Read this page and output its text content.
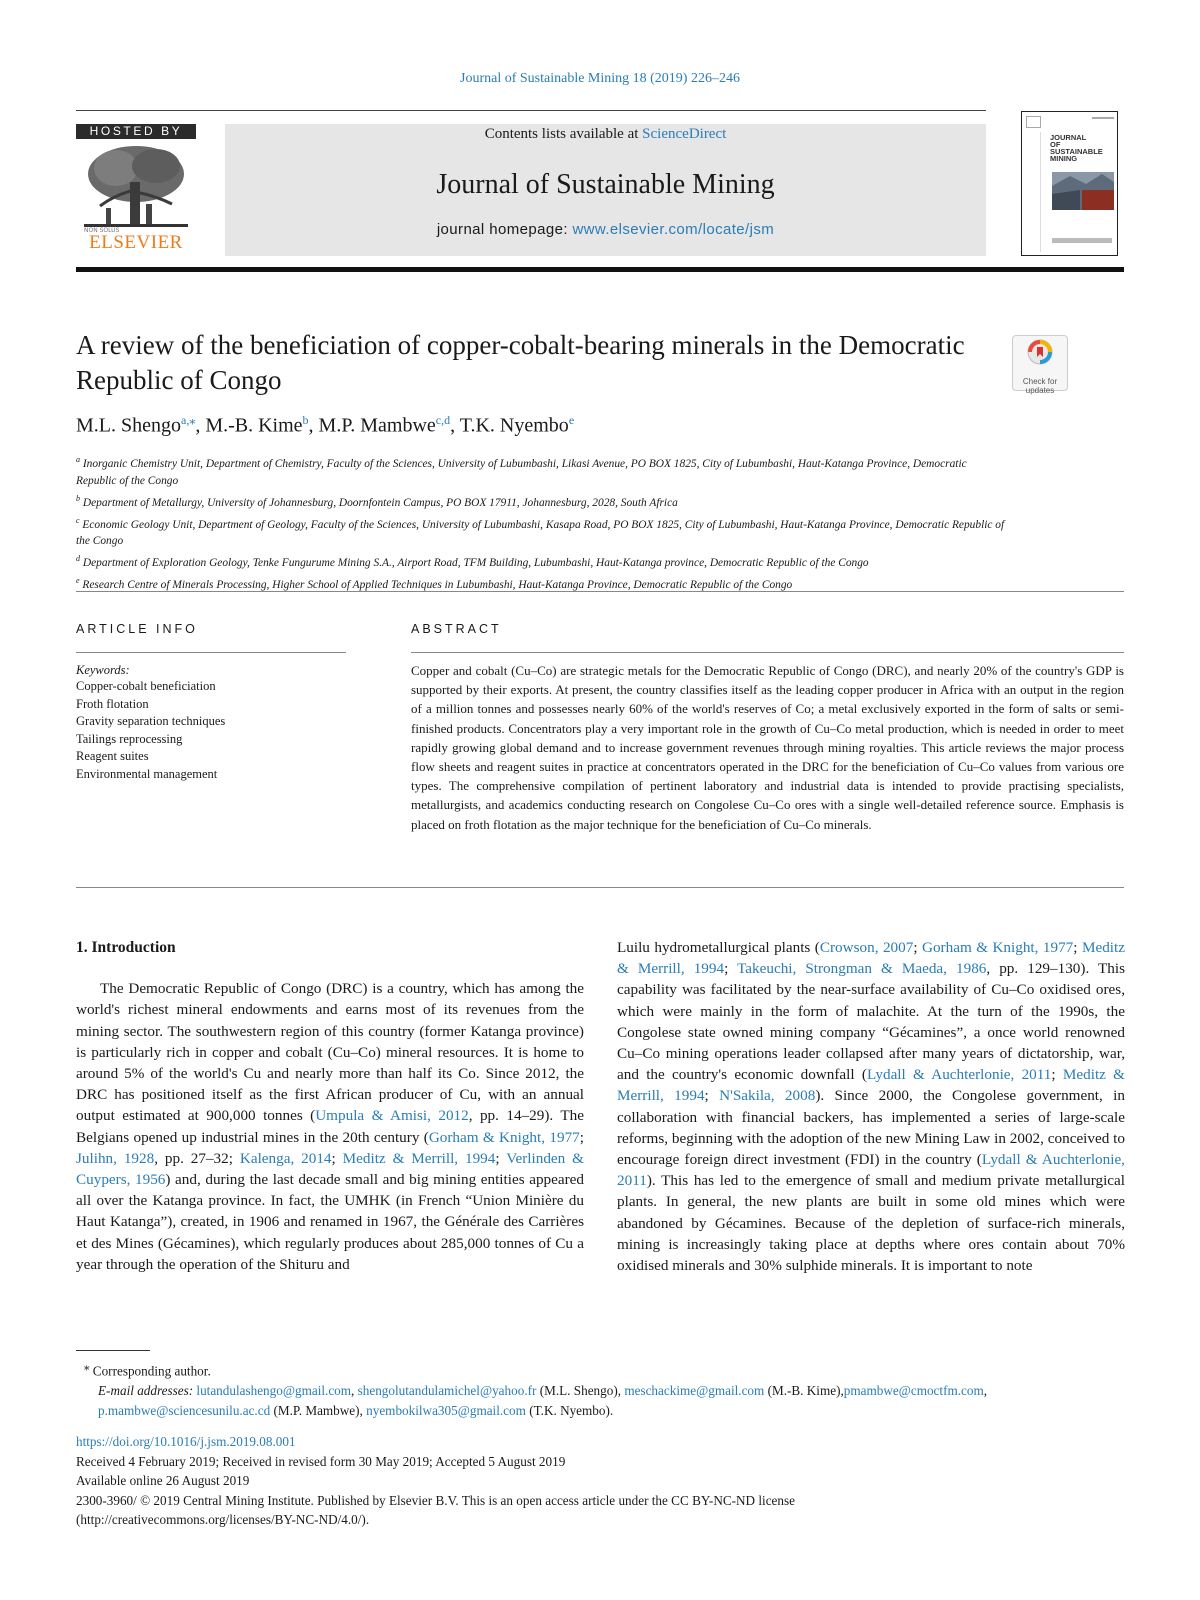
Journal of Sustainable Mining 18 (2019) 226–246
HOSTED BY
NON SOLUS
ELSEVIER
Contents lists available at ScienceDirect
Journal of Sustainable Mining
journal homepage: www.elsevier.com/locate/jsm
JOURNAL
OF
SUSTAINABLE
MINING
A review of the beneficiation of copper-cobalt-bearing minerals in the Democratic Republic of Congo	Check for
updates
M.L. Shengo$^{a,⁎}$, M.-B. Kime$^b$, M.P. Mambwe$^{c,d}$, T.K. Nyembo$^e$
$^a$ Inorganic Chemistry Unit, Department of Chemistry, Faculty of the Sciences, University of Lubumbashi, Likasi Avenue, PO BOX 1825, City of Lubumbashi, Haut-Katanga Province, Democratic Republic of the Congo
$^b$ Department of Metallurgy, University of Johannesburg, Doornfontein Campus, PO BOX 17911, Johannesburg, 2028, South Africa
$^c$ Economic Geology Unit, Department of Geology, Faculty of the Sciences, University of Lubumbashi, Kasapa Road, PO BOX 1825, City of Lubumbashi, Haut-Katanga Province, Democratic Republic of the Congo
$^d$ Department of Exploration Geology, Tenke Fungurume Mining S.A., Airport Road, TFM Building, Lubumbashi, Haut-Katanga province, Democratic Republic of the Congo
$^e$ Research Centre of Minerals Processing, Higher School of Applied Techniques in Lubumbashi, Haut-Katanga Province, Democratic Republic of the Congo
ARTICLE INFO
Keywords:
Copper-cobalt beneficiation
Froth flotation
Gravity separation techniques
Tailings reprocessing
Reagent suites
Environmental management
ABSTRACT

Copper and cobalt (Cu–Co) are strategic metals for the Democratic Republic of Congo (DRC), and nearly 20% of the country's GDP is supported by their exports. At present, the country classifies itself as the leading copper producer in Africa with an output in the region of a million tonnes and possesses nearly 60% of the world's reserves of Co; a metal exclusively exported in the form of salts or semi-finished products. Concentrators play a very important role in the growth of Cu–Co metal production, which is needed in order to meet rapidly growing global demand and to increase government revenues through mining royalties. This article reviews the major process flow sheets and reagent suites in practice at concentrators operated in the DRC for the beneficiation of Cu–Co values from various ore types. The comprehensive compilation of pertinent laboratory and industrial data is intended to provide practising specialists, metallurgists, and academics conducting research on Congolese Cu–Co ores with a single well-detailed reference source. Emphasis is placed on froth flotation as the major technique for the beneficiation of Cu–Co minerals.

1. Introduction

The Democratic Republic of Congo (DRC) is a country, which has among the world's richest mineral endowments and earns most of its revenues from the mining sector. The southwestern region of this country (former Katanga province) is particularly rich in copper and cobalt (Cu–Co) mineral resources. It is home to around 5% of the world's Cu and nearly more than half its Co. Since 2012, the DRC has positioned itself as the first African producer of Cu, with an annual output estimated at 900,000 tonnes (Umpula & Amisi, 2012, pp. 14–29). The Belgians opened up industrial mines in the 20th century (Gorham & Knight, 1977; Julihn, 1928, pp. 27–32; Kalenga, 2014; Meditz & Merrill, 1994; Verlinden & Cuypers, 1956) and, during the last decade small and big mining entities appeared all over the Katanga province. In fact, the UMHK (in French “Union Minière du Haut Katanga”), created, in 1906 and renamed in 1967, the Générale des Carrières et des Mines (Gécamines), which regularly produces about 285,000 tonnes of Cu a year through the operation of the Shituru and

Luilu hydrometallurgical plants (Crowson, 2007; Gorham & Knight, 1977; Meditz & Merrill, 1994; Takeuchi, Strongman & Maeda, 1986, pp. 129–130). This capability was facilitated by the near-surface availability of Cu–Co oxidised ores, which were mainly in the form of malachite. At the turn of the 1990s, the Congolese state owned mining company “Gécamines”, a once world renowned Cu–Co mining operations leader collapsed after many years of dictatorship, war, and the country's economic downfall (Lydall & Auchterlonie, 2011; Meditz & Merrill, 1994; N'Sakila, 2008). Since 2000, the Congolese government, in collaboration with financial backers, has implemented a series of large-scale reforms, beginning with the adoption of the new Mining Law in 2002, conceived to encourage foreign direct investment (FDI) in the country (Lydall & Auchterlonie, 2011). This has led to the emergence of small and medium private metallurgical plants. In general, the new plants are built in some old mines which were abandoned by Gécamines. Because of the depletion of surface-rich minerals, mining is increasingly taking place at depths where ores contain about 70% oxidised minerals and 30% sulphide minerals. It is important to note

⁎ Corresponding author.
E-mail addresses: lutandulashengo@gmail.com, shengolutandulamichel@yahoo.fr (M.L. Shengo), meschackime@gmail.com (M.-B. Kime),pmambwe@cmoctfm.com, p.mambwe@sciencesunilu.ac.cd (M.P. Mambwe), nyembokilwa305@gmail.com (T.K. Nyembo).
https://doi.org/10.1016/j.jsm.2019.08.001
Received 4 February 2019; Received in revised form 30 May 2019; Accepted 5 August 2019
Available online 26 August 2019
2300-3960/ © 2019 Central Mining Institute. Published by Elsevier B.V. This is an open access article under the CC BY-NC-ND license
(http://creativecommons.org/licenses/BY-NC-ND/4.0/).
